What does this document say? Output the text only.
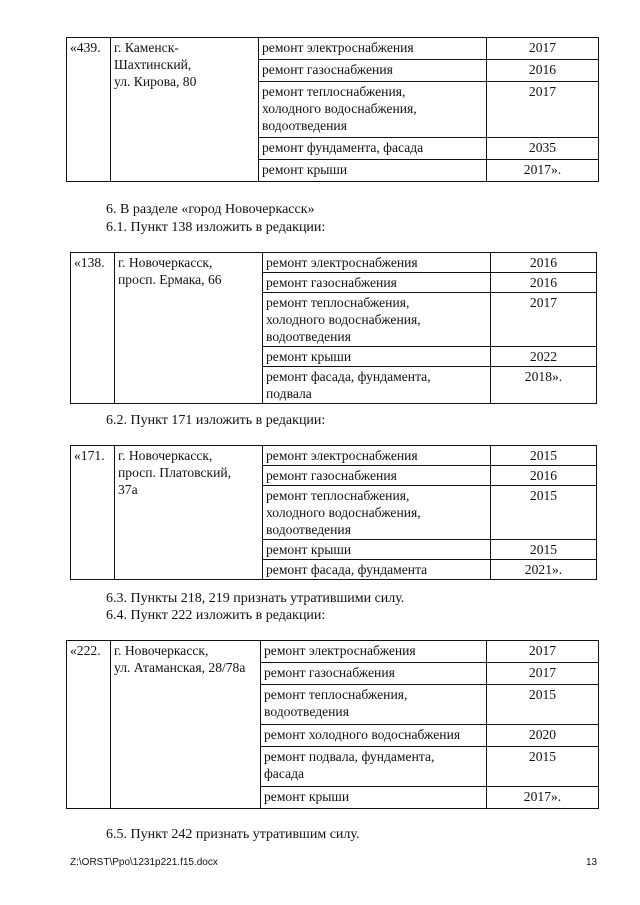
«439.	г. Каменск-
Шахтинский,
ул. Кирова, 80	ремонт электроснабжения	2017
		ремонт газоснабжения	2016

		ремонт теплоснабжения,
холодного водоснабжения,
водоотведения	2017
		ремонт фундамента, фасада	2035
		ремонт крыши	2017».
6. В разделе «город Новочеркасск»
6.1. Пункт 138 изложить в редакции:
«138.	г. Новочеркасск,
просп. Ермака, 66	ремонт электроснабжения	2016
		ремонт газоснабжения	2016

		ремонт теплоснабжения,
холодного водоснабжения,
водоотведения	2017
		ремонт крыши	2022

		ремонт фасада, фундамента,
подвала	2018».
6.2. Пункт 171 изложить в редакции:
«171.	г. Новочеркасск,
просп. Платовский,
37а	ремонт электроснабжения	2015
		ремонт газоснабжения	2016

		ремонт теплоснабжения,
холодного водоснабжения,
водоотведения	2015
		ремонт крыши	2015
		ремонт фасада, фундамента	2021».
6.3. Пункты 218, 219 признать утратившими силу.
6.4. Пункт 222 изложить в редакции:
«222.	г. Новочеркасск,
ул. Атаманская, 28/78а	ремонт электроснабжения	2017
		ремонт газоснабжения	2017

		ремонт теплоснабжения,
водоотведения	2015
		ремонт холодного водоснабжения	2020

		ремонт подвала, фундамента,
фасада	2015
		ремонт крыши	2017».
6.5. Пункт 242 признать утратившим силу.
Z:\ORST\Ppo\1231p221.f15.docx	13
